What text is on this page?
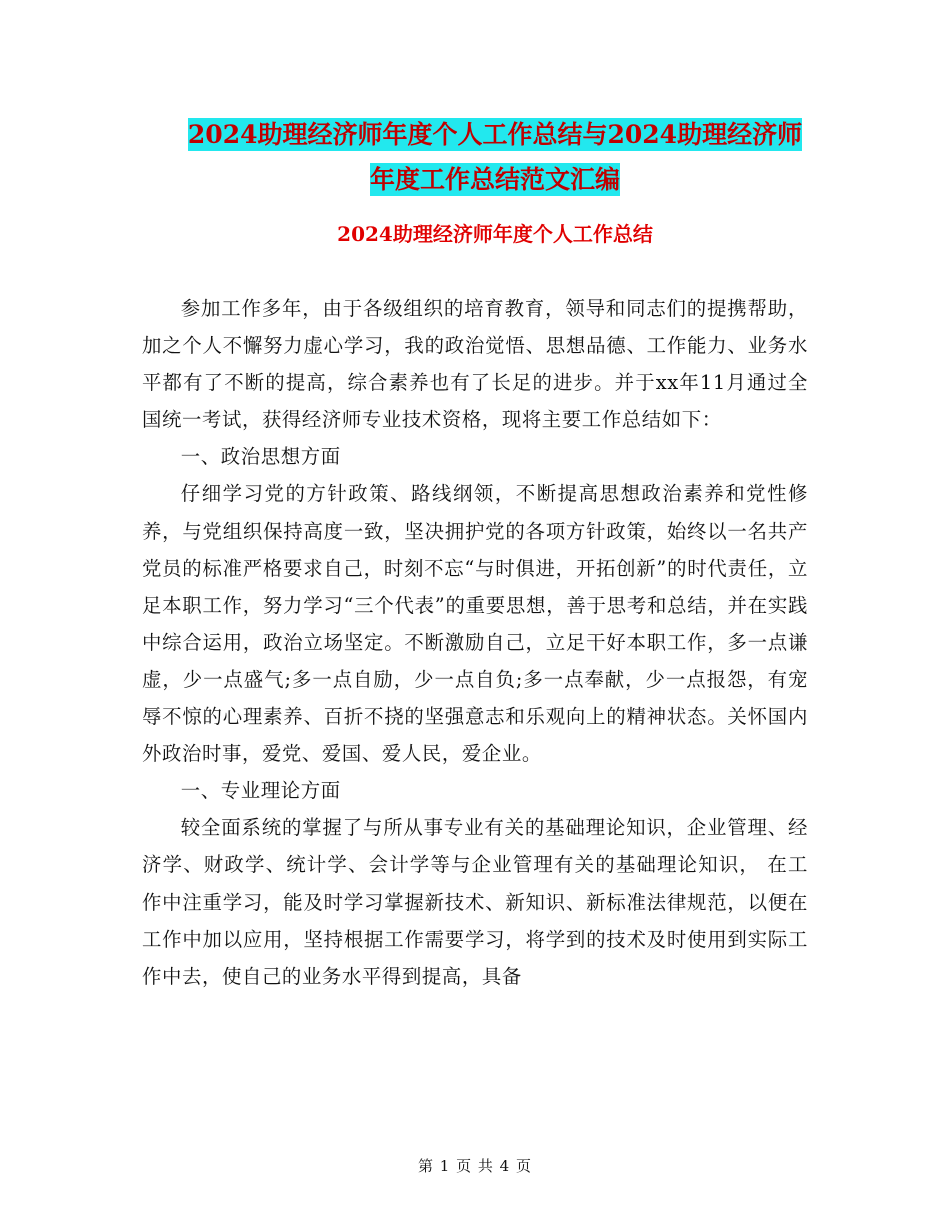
2024助理经济师年度个人工作总结与2024助理经济师
年度工作总结范文汇编
2024助理经济师年度个人工作总结

参加工作多年，由于各级组织的培育教育，领导和同志们的提携帮助，加之个人不懈努力虚心学习，我的政治觉悟、思想品德、工作能力、业务水平都有了不断的提高，综合素养也有了长足的进步。并于xx年11月通过全国统一考试，获得经济师专业技术资格，现将主要工作总结如下：

一、政治思想方面

仔细学习党的方针政策、路线纲领，不断提高思想政治素养和党性修养，与党组织保持高度一致，坚决拥护党的各项方针政策，始终以一名共产党员的标准严格要求自己，时刻不忘“与时俱进，开拓创新”的时代责任，立足本职工作，努力学习“三个代表”的重要思想，善于思考和总结，并在实践中综合运用，政治立场坚定。不断激励自己，立足干好本职工作，多一点谦虚，少一点盛气;多一点自励，少一点自负;多一点奉献，少一点报怨，有宠辱不惊的心理素养、百折不挠的坚强意志和乐观向上的精神状态。关怀国内外政治时事，爱党、爱国、爱人民，爱企业。

一、专业理论方面

较全面系统的掌握了与所从事专业有关的基础理论知识，企业管理、经济学、财政学、统计学、会计学等与企业管理有关的基础理论知识， 在工作中注重学习，能及时学习掌握新技术、新知识、新标准法律规范，以便在工作中加以应用，坚持根据工作需要学习，将学到的技术及时使用到实际工作中去，使自己的业务水平得到提高，具备

第 1 页 共 4 页
